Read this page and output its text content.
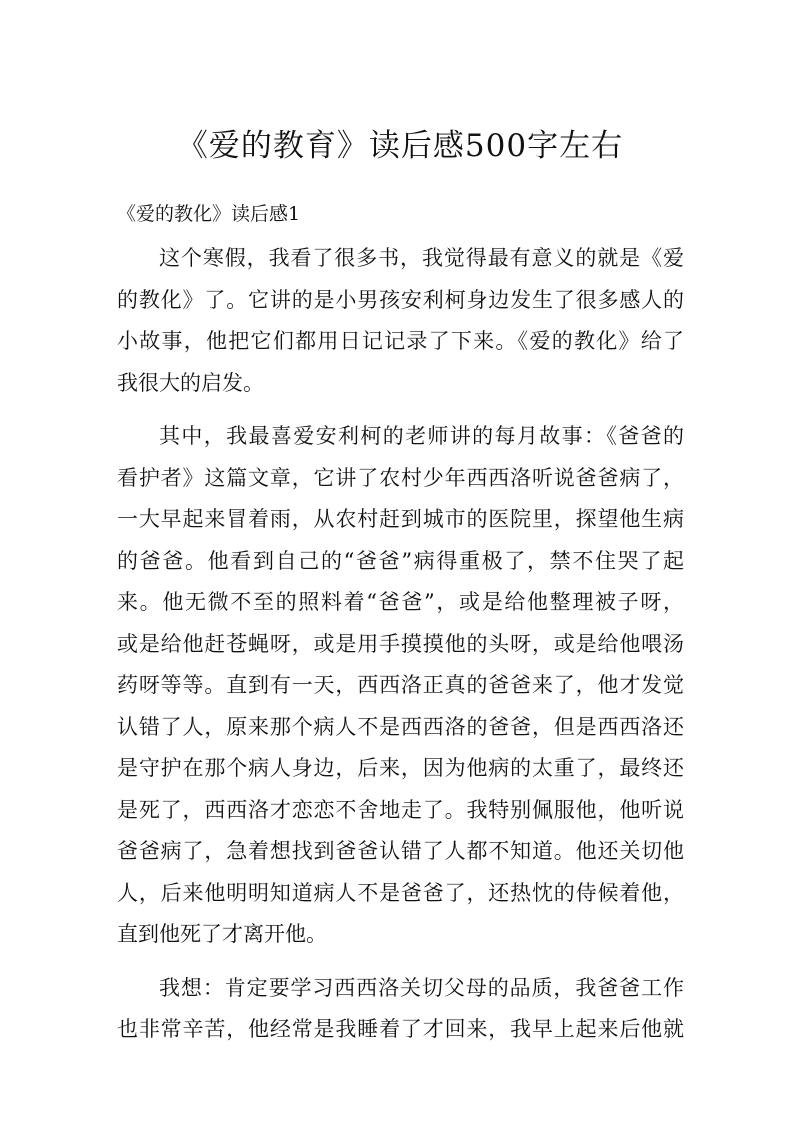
《爱的教育》读后感500字左右

《爱的教化》读后感1

这个寒假，我看了很多书，我觉得最有意义的就是《爱
的教化》了。它讲的是小男孩安利柯身边发生了很多感人的
小故事，他把它们都用日记记录了下来。《爱的教化》给了
我很大的启发。
其中，我最喜爱安利柯的老师讲的每月故事：《爸爸的
看护者》这篇文章，它讲了农村少年西西洛听说爸爸病了，
一大早起来冒着雨，从农村赶到城市的医院里，探望他生病
的爸爸。他看到自己的“爸爸”病得重极了，禁不住哭了起
来。他无微不至的照料着“爸爸”，或是给他整理被子呀，
或是给他赶苍蝇呀，或是用手摸摸他的头呀，或是给他喂汤
药呀等等。直到有一天，西西洛正真的爸爸来了，他才发觉
认错了人，原来那个病人不是西西洛的爸爸，但是西西洛还
是守护在那个病人身边，后来，因为他病的太重了，最终还
是死了，西西洛才恋恋不舍地走了。我特别佩服他，他听说
爸爸病了，急着想找到爸爸认错了人都不知道。他还关切他
人，后来他明明知道病人不是爸爸了，还热忱的侍候着他，
直到他死了才离开他。
我想：肯定要学习西西洛关切父母的品质，我爸爸工作
也非常辛苦，他经常是我睡着了才回来，我早上起来后他就
